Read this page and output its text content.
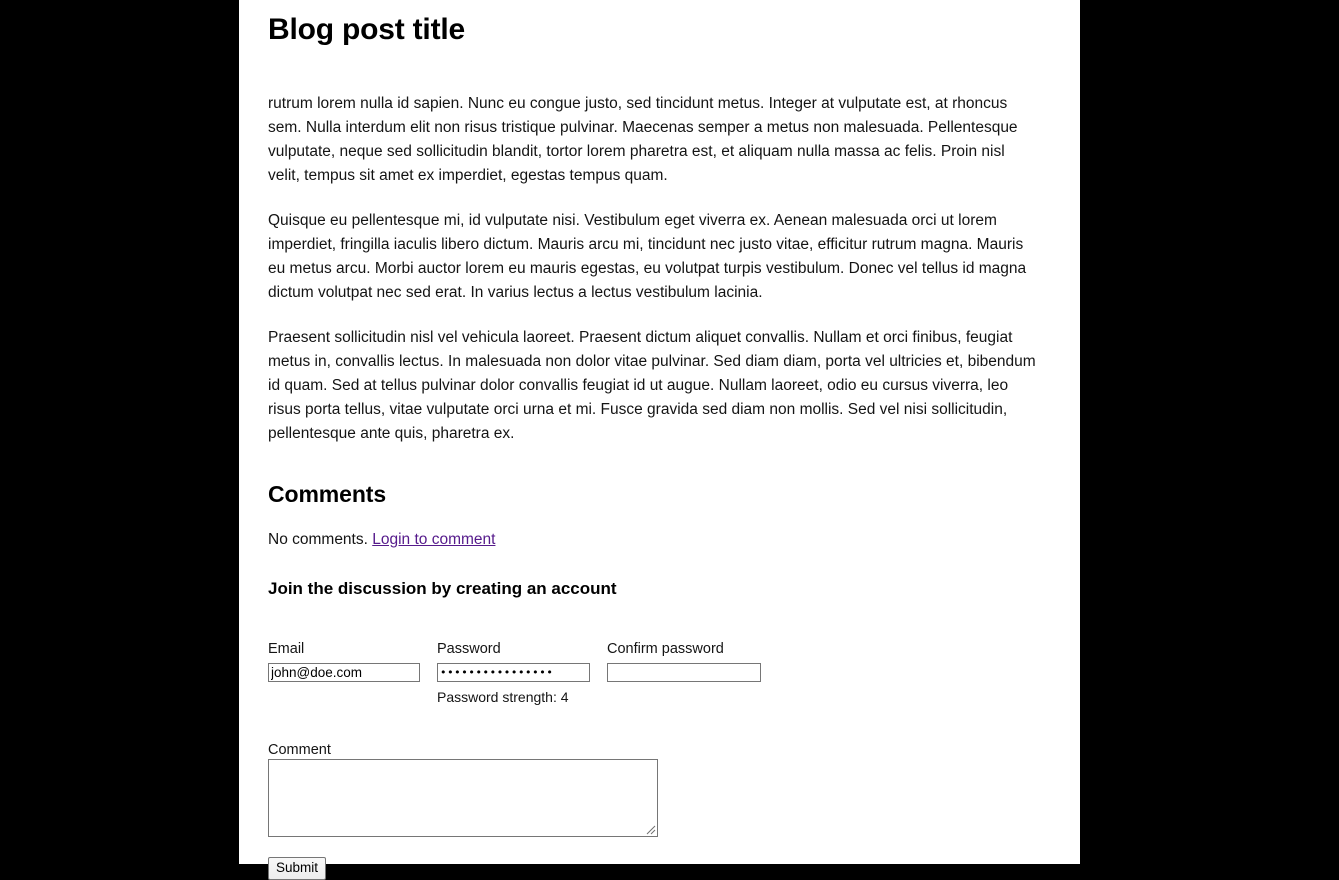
Blog post title

rutrum lorem nulla id sapien. Nunc eu congue justo, sed tincidunt metus. Integer at vulputate est, at rhoncus sem. Nulla interdum elit non risus tristique pulvinar. Maecenas semper a metus non malesuada. Pellentesque vulputate, neque sed sollicitudin blandit, tortor lorem pharetra est, et aliquam nulla massa ac felis. Proin nisl velit, tempus sit amet ex imperdiet, egestas tempus quam.

Quisque eu pellentesque mi, id vulputate nisi. Vestibulum eget viverra ex. Aenean malesuada orci ut lorem imperdiet, fringilla iaculis libero dictum. Mauris arcu mi, tincidunt nec justo vitae, efficitur rutrum magna. Mauris eu metus arcu. Morbi auctor lorem eu mauris egestas, eu volutpat turpis vestibulum. Donec vel tellus id magna dictum volutpat nec sed erat. In varius lectus a lectus vestibulum lacinia.

Praesent sollicitudin nisl vel vehicula laoreet. Praesent dictum aliquet convallis. Nullam et orci finibus, feugiat metus in, convallis lectus. In malesuada non dolor vitae pulvinar. Sed diam diam, porta vel ultricies et, bibendum id quam. Sed at tellus pulvinar dolor convallis feugiat id ut augue. Nullam laoreet, odio eu cursus viverra, leo risus porta tellus, vitae vulputate orci urna et mi. Fusce gravida sed diam non mollis. Sed vel nisi sollicitudin, pellentesque ante quis, pharetra ex.

Comments

No comments. Login to comment

Join the discussion by creating an account
Email
john@doe.com	Password
••••••••••••••••
Password strength: 4
Confirm password
Comment
Submit
